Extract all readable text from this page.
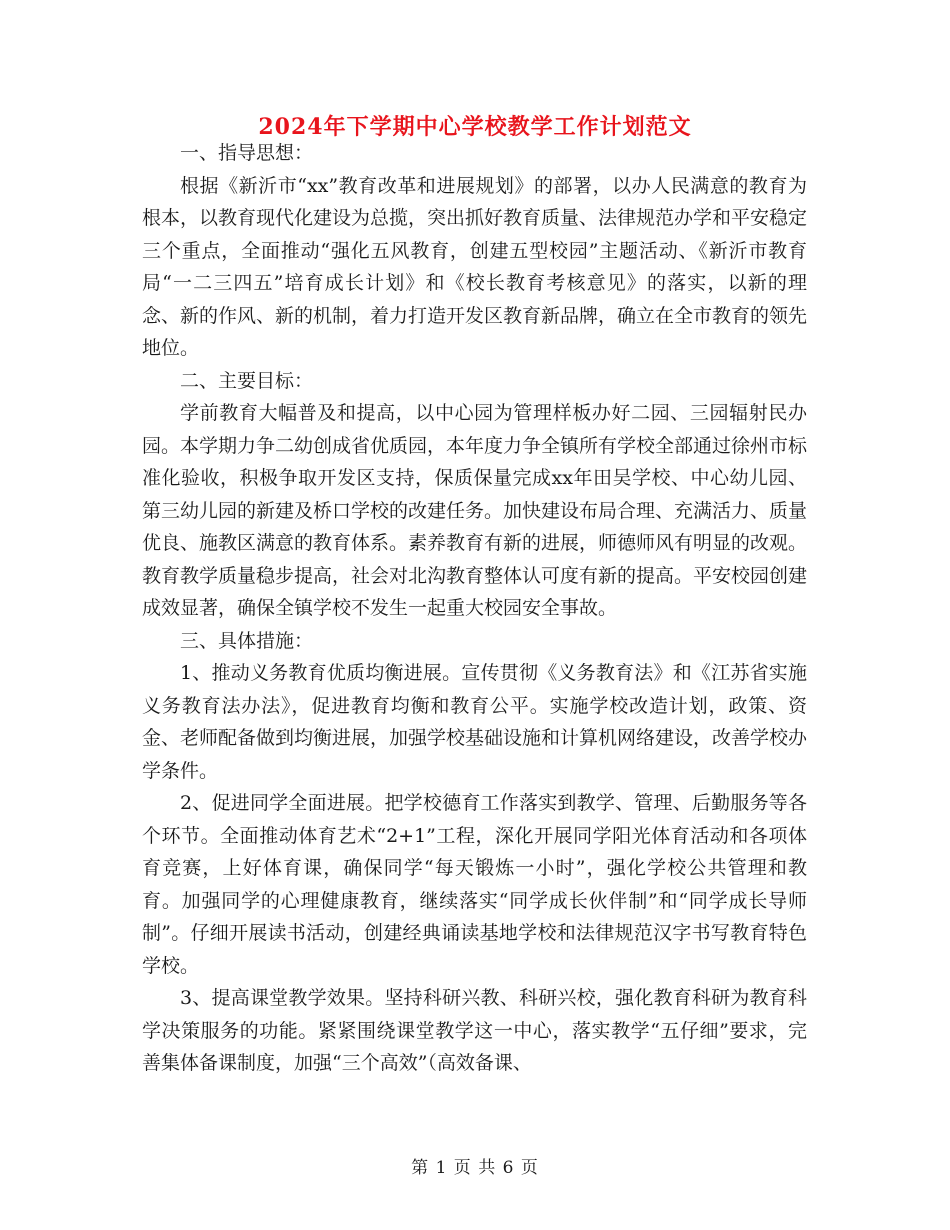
2024年下学期中心学校教学工作计划范文

一、指导思想：

根据《新沂市“xx”教育改革和进展规划》的部署，以办人民满意的教育为根本，以教育现代化建设为总揽，突出抓好教育质量、法律规范办学和平安稳定三个重点，全面推动“强化五风教育，创建五型校园”主题活动、《新沂市教育局“一二三四五”培育成长计划》和《校长教育考核意见》的落实，以新的理念、新的作风、新的机制，着力打造开发区教育新品牌，确立在全市教育的领先地位。

二、主要目标：

学前教育大幅普及和提高，以中心园为管理样板办好二园、三园辐射民办园。本学期力争二幼创成省优质园，本年度力争全镇所有学校全部通过徐州市标准化验收，积极争取开发区支持，保质保量完成xx年田吴学校、中心幼儿园、第三幼儿园的新建及桥口学校的改建任务。加快建设布局合理、充满活力、质量优良、施教区满意的教育体系。素养教育有新的进展，师德师风有明显的改观。教育教学质量稳步提高，社会对北沟教育整体认可度有新的提高。平安校园创建成效显著，确保全镇学校不发生一起重大校园安全事故。

三、具体措施：

1、推动义务教育优质均衡进展。宣传贯彻《义务教育法》和《江苏省实施义务教育法办法》，促进教育均衡和教育公平。实施学校改造计划，政策、资金、老师配备做到均衡进展，加强学校基础设施和计算机网络建设，改善学校办学条件。

2、促进同学全面进展。把学校德育工作落实到教学、管理、后勤服务等各个环节。全面推动体育艺术“2+1”工程，深化开展同学阳光体育活动和各项体育竞赛，上好体育课，确保同学“每天锻炼一小时”，强化学校公共管理和教育。加强同学的心理健康教育，继续落实“同学成长伙伴制”和“同学成长导师制”。仔细开展读书活动，创建经典诵读基地学校和法律规范汉字书写教育特色学校。

3、提高课堂教学效果。坚持科研兴教、科研兴校，强化教育科研为教育科学决策服务的功能。紧紧围绕课堂教学这一中心，落实教学“五仔细”要求，完善集体备课制度，加强“三个高效”（高效备课、

第 1 页 共 6 页
